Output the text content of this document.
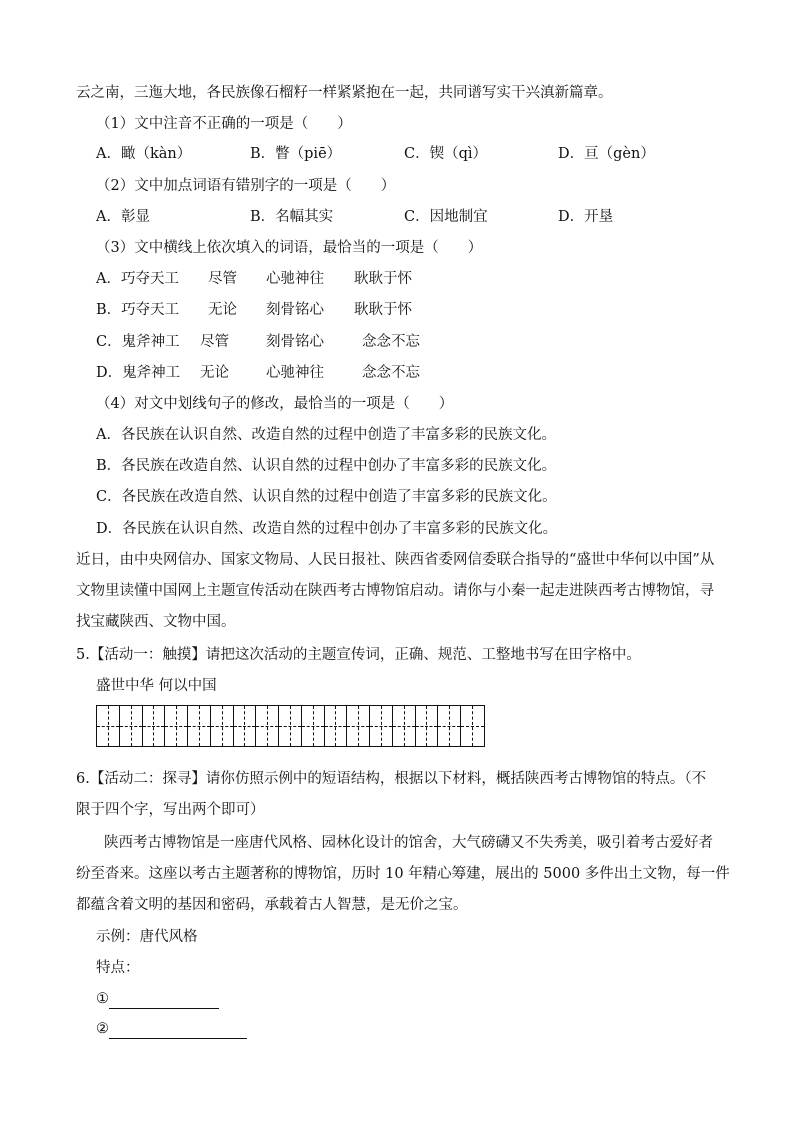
云之南，三迤大地，各民族像石榴籽一样紧紧抱在一起，共同谱写实干兴滇新篇章。
（1）文中注音不正确的一项是（　　）
A．瞰（kàn）	B．瞥（piē）	C．锲（qì）	D．亘（gèn）
（2）文中加点词语有错别字的一项是（　　）
A．彰显	B．名幅其实	C．因地制宜	D．开垦
（3）文中横线上依次填入的词语，最恰当的一项是（　　）
A．巧夺天工 尽管 心驰神往 耿耿于怀
B．巧夺天工 无论 刻骨铭心 耿耿于怀
C．鬼斧神工 尽管	刻骨铭心	念念不忘
D．鬼斧神工 无论	心驰神往	念念不忘
（4）对文中划线句子的修改，最恰当的一项是（　　）
A．各民族在认识自然、改造自然的过程中创造了丰富多彩的民族文化。
B．各民族在改造自然、认识自然的过程中创办了丰富多彩的民族文化。
C．各民族在改造自然、认识自然的过程中创造了丰富多彩的民族文化。
D．各民族在认识自然、改造自然的过程中创办了丰富多彩的民族文化。
近日，由中央网信办、国家文物局、人民日报社、陕西省委网信委联合指导的“盛世中华何以中国”从
文物里读懂中国网上主题宣传活动在陕西考古博物馆启动。请你与小秦一起走进陕西考古博物馆，寻
找宝藏陕西、文物中国。
5.【活动一：触摸】请把这次活动的主题宣传词，正确、规范、工整地书写在田字格中。
盛世中华 何以中国
6.【活动二：探寻】请你仿照示例中的短语结构，根据以下材料，概括陕西考古博物馆的特点。（不
限于四个字，写出两个即可）
陕西考古博物馆是一座唐代风格、园林化设计的馆舍，大气磅礴又不失秀美，吸引着考古爱好者
纷至沓来。这座以考古主题著称的博物馆，历时 10 年精心筹建，展出的 5000 多件出土文物，每一件
都蕴含着文明的基因和密码，承载着古人智慧，是无价之宝。
示例：唐代风格
特点：
①
②
